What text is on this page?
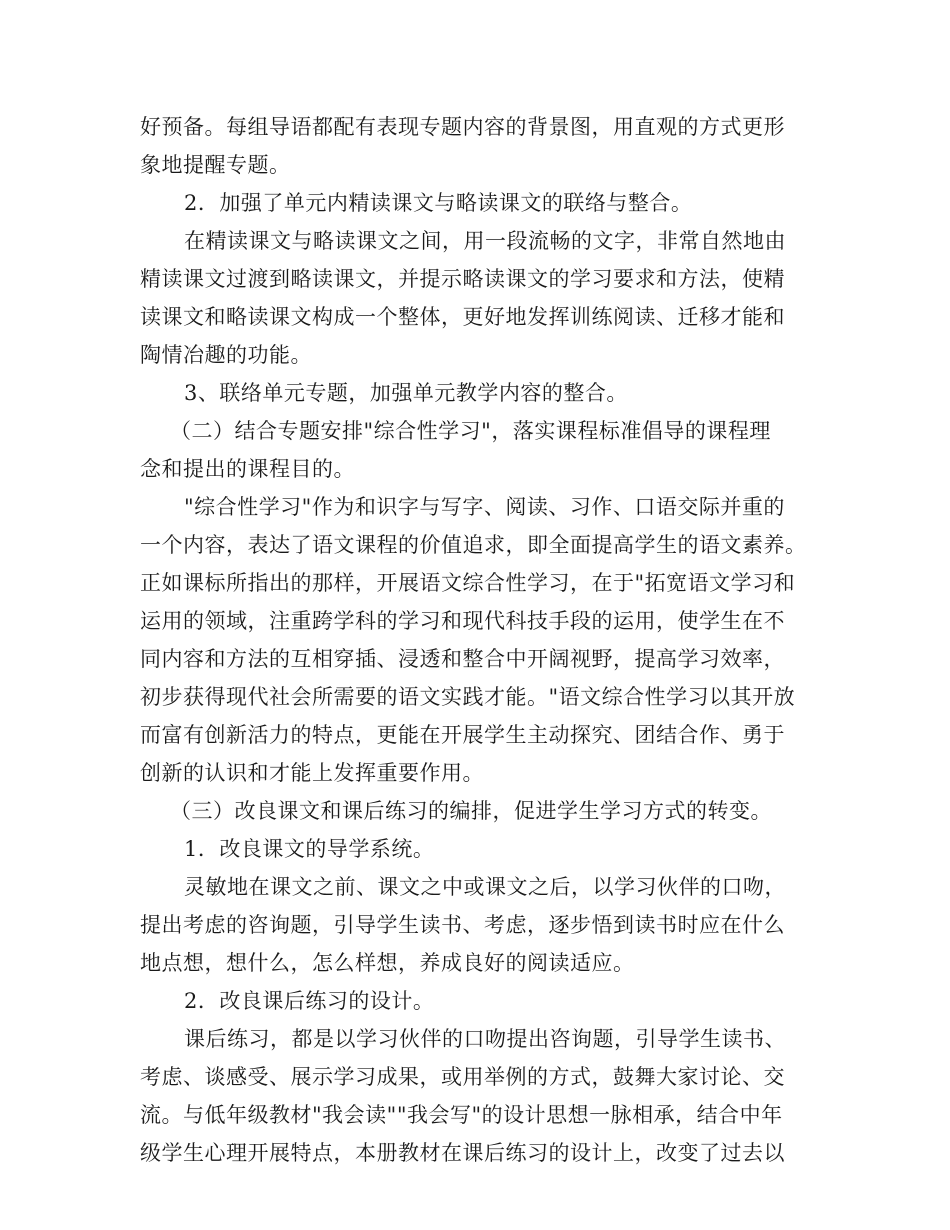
好预备。每组导语都配有表现专题内容的背景图，用直观的方式更形
象地提醒专题。
2．加强了单元内精读课文与略读课文的联络与整合。
在精读课文与略读课文之间，用一段流畅的文字，非常自然地由
精读课文过渡到略读课文，并提示略读课文的学习要求和方法，使精
读课文和略读课文构成一个整体，更好地发挥训练阅读、迁移才能和
陶情冶趣的功能。
3、联络单元专题，加强单元教学内容的整合。
（二）结合专题安排"综合性学习"，落实课程标准倡导的课程理
念和提出的课程目的。
"综合性学习"作为和识字与写字、阅读、习作、口语交际并重的
一个内容，表达了语文课程的价值追求，即全面提高学生的语文素养。
正如课标所指出的那样，开展语文综合性学习，在于"拓宽语文学习和
运用的领域，注重跨学科的学习和现代科技手段的运用，使学生在不
同内容和方法的互相穿插、浸透和整合中开阔视野，提高学习效率，
初步获得现代社会所需要的语文实践才能。"语文综合性学习以其开放
而富有创新活力的特点，更能在开展学生主动探究、团结合作、勇于
创新的认识和才能上发挥重要作用。
（三）改良课文和课后练习的编排，促进学生学习方式的转变。
1．改良课文的导学系统。
灵敏地在课文之前、课文之中或课文之后，以学习伙伴的口吻，
提出考虑的咨询题，引导学生读书、考虑，逐步悟到读书时应在什么
地点想，想什么，怎么样想，养成良好的阅读适应。
2．改良课后练习的设计。
课后练习，都是以学习伙伴的口吻提出咨询题，引导学生读书、
考虑、谈感受、展示学习成果，或用举例的方式，鼓舞大家讨论、交
流。与低年级教材"我会读""我会写"的设计思想一脉相承，结合中年
级学生心理开展特点，本册教材在课后练习的设计上，改变了过去以
